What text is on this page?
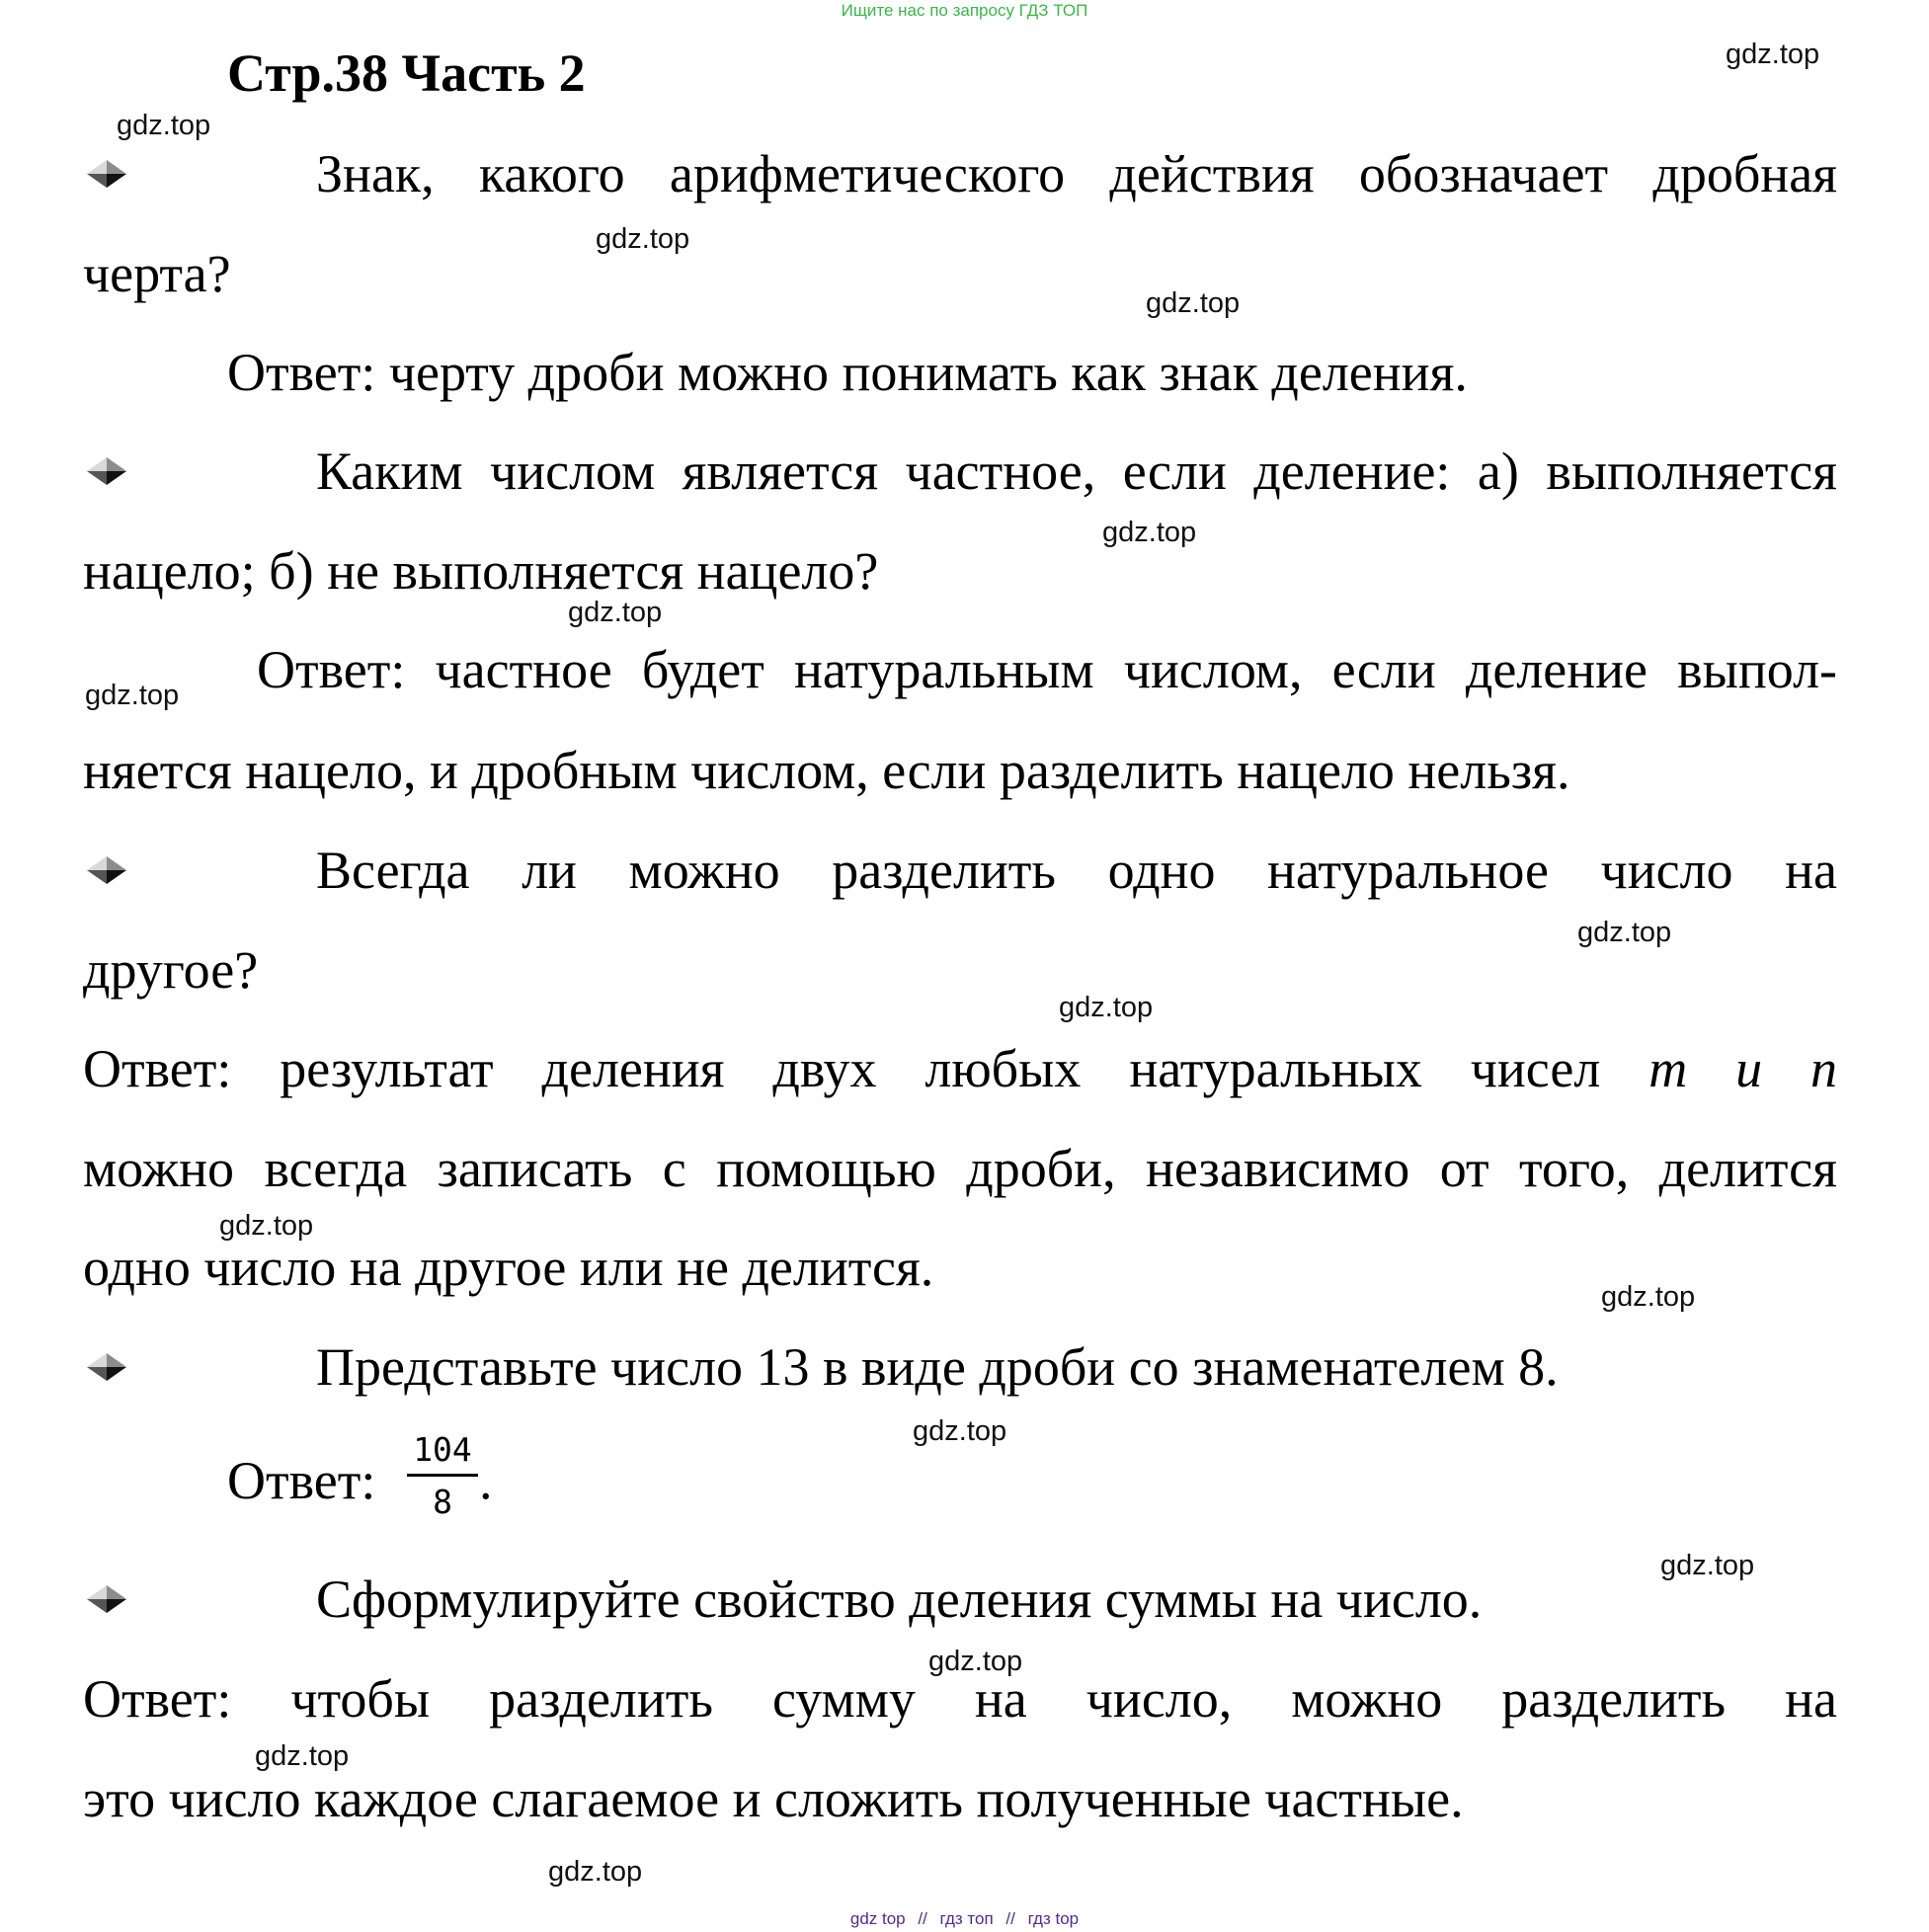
Ищите нас по запросу ГДЗ ТОП
Стр.38 Часть 2	gdz.top
gdz.top
gdz.top
gdz.top
gdz.top
gdz.top
gdz.top
gdz.top
gdz.top
gdz.top
gdz.top
gdz.top
gdz.top
gdz.top
gdz.top
gdz.top
Знак, какого арифметического действия обозначает дробная
черта?
Ответ: черту дроби можно понимать как знак деления.
Каким числом является частное, если деление: а) выполняется
нацело; б) не выполняется нацело?
Ответ: частное будет натуральным числом, если деление выпол-
няется нацело, и дробным числом, если разделить нацело нельзя.
Всегда ли можно разделить одно натуральное число на
другое?
Ответ: результат деления двух любых натуральных чисел т и п
можно всегда записать с помощью дроби, независимо от того, делится
одно число на другое или не делится.
Представьте число 13 в виде дроби со знаменателем 8.
Ответ:
104
8 .
Сформулируйте свойство деления суммы на число.
Ответ: чтобы разделить сумму на число, можно разделить на
это число каждое слагаемое и сложить полученные частные.
gdz top // гдз топ // гдз top
